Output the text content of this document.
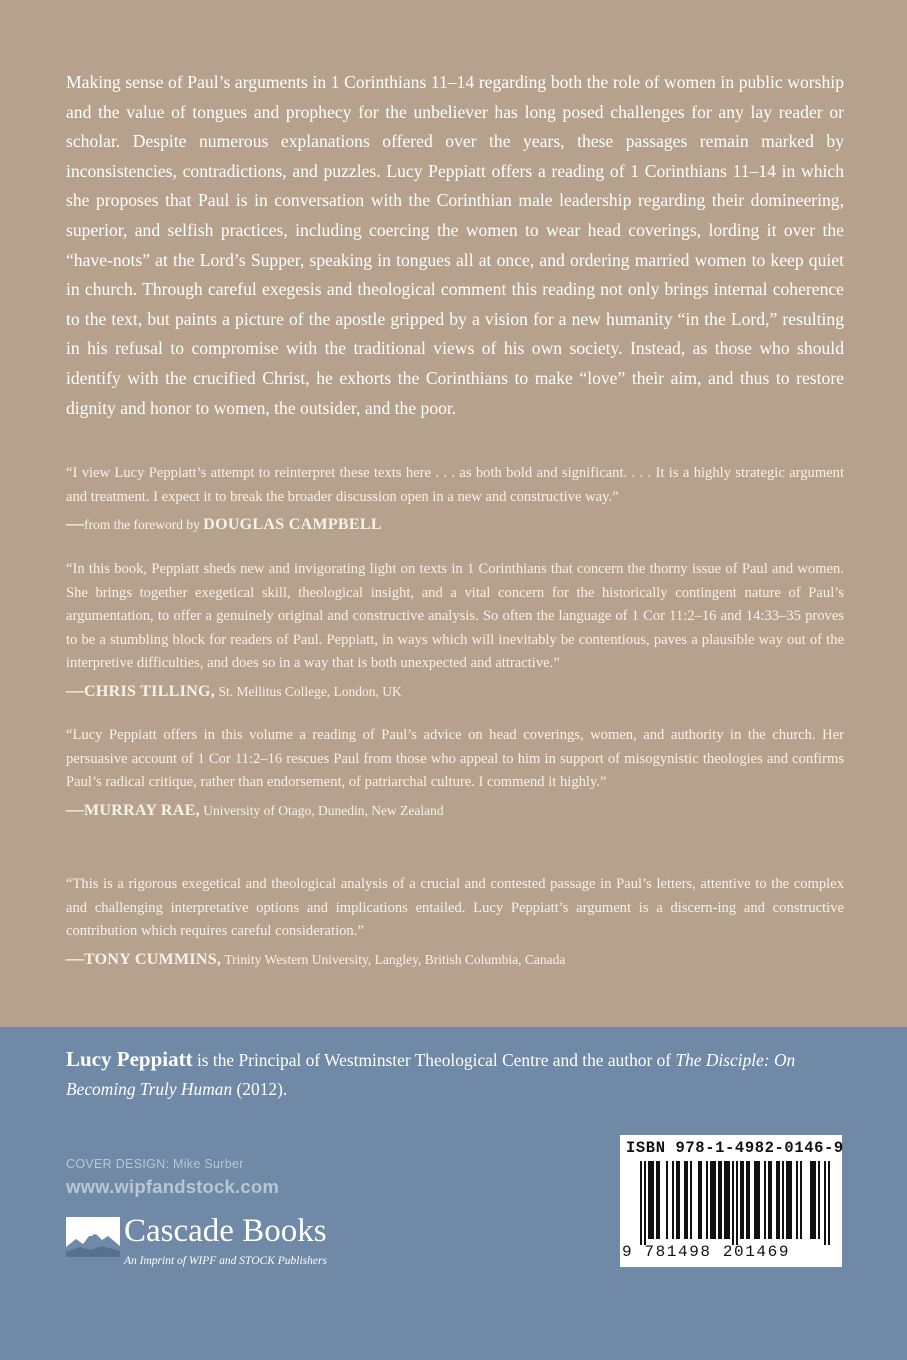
Making sense of Paul’s arguments in 1 Corinthians 11–14 regarding both the role of women in public worship and the value of tongues and prophecy for the unbeliever has long posed challenges for any lay reader or scholar. Despite numerous explanations offered over the years, these passages remain marked by inconsistencies, contradictions, and puzzles. Lucy Peppiatt offers a reading of 1 Corinthians 11–14 in which she proposes that Paul is in conversation with the Corinthian male leadership regarding their domineering, superior, and selfish practices, including coercing the women to wear head coverings, lording it over the “have-nots” at the Lord’s Supper, speaking in tongues all at once, and ordering married women to keep quiet in church. Through careful exegesis and theological comment this reading not only brings internal coherence to the text, but paints a picture of the apostle gripped by a vision for a new humanity “in the Lord,” resulting in his refusal to compromise with the traditional views of his own society. Instead, as those who should identify with the crucified Christ, he exhorts the Corinthians to make “love” their aim, and thus to restore dignity and honor to women, the outsider, and the poor.

“I view Lucy Peppiatt’s attempt to reinterpret these texts here . . . as both bold and significant. . . . It is a highly strategic argument and treatment. I expect it to break the broader discussion open in a new and constructive way.”

—from the foreword by DOUGLAS CAMPBELL

“In this book, Peppiatt sheds new and invigorating light on texts in 1 Corinthians that concern the thorny issue of Paul and women. She brings together exegetical skill, theological insight, and a vital concern for the historically contingent nature of Paul’s argumentation, to offer a genuinely original and constructive analysis. So often the language of 1 Cor 11:2–16 and 14:33–35 proves to be a stumbling block for readers of Paul. Peppiatt, in ways which will inevitably be contentious, paves a plausible way out of the interpretive difficulties, and does so in a way that is both unexpected and attractive.”

—CHRIS TILLING, St. Mellitus College, London, UK

“Lucy Peppiatt offers in this volume a reading of Paul’s advice on head coverings, women, and authority in the church. Her persuasive account of 1 Cor 11:2–16 rescues Paul from those who appeal to him in support of misogynistic theologies and confirms Paul’s radical critique, rather than endorsement, of patriarchal culture. I commend it highly.”

—MURRAY RAE, University of Otago, Dunedin, New Zealand

“This is a rigorous exegetical and theological analysis of a crucial and contested passage in Paul’s letters, attentive to the complex and challenging interpretative options and implications entailed. Lucy Peppiatt’s argument is a discern-ing and constructive contribution which requires careful consideration.”

—TONY CUMMINS, Trinity Western University, Langley, British Columbia, Canada

Lucy Peppiatt is the Principal of Westminster Theological Centre and the author of The Disciple: On Becoming Truly Human (2012).

COVER DESIGN: Mike Surber
www.wipfandstock.com
Cascade Books
An Imprint of WIPF and STOCK Publishers
ISBN 978-1-4982-0146-9
9 781498 201469
